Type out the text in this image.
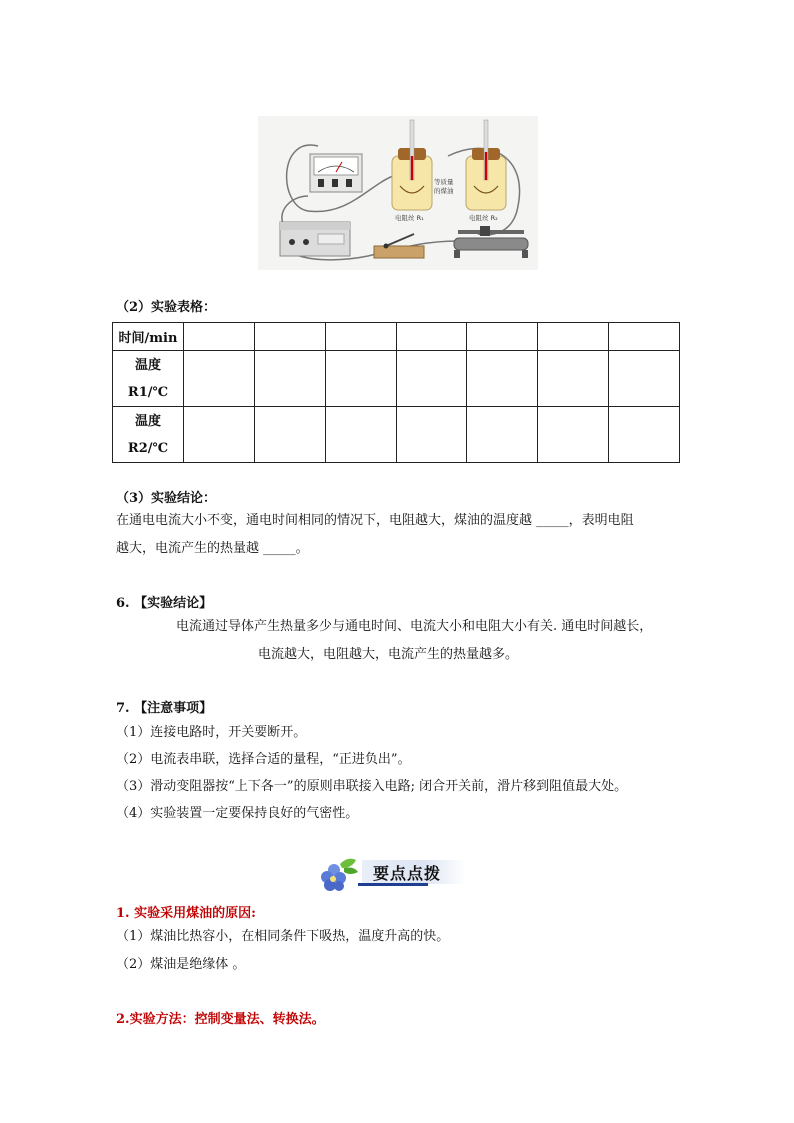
等质量
的煤油
电阻丝 R₁	电阻丝 R₂
（2）实验表格：
时间/min							

温度
R1/℃							

温度
R2/℃							

（3）实验结论：
在通电电流大小不变，通电时间相同的情况下，电阻越大，煤油的温度越 _____，表明电阻
越大，电流产生的热量越 _____。
6. 【实验结论】
电流通过导体产生热量多少与通电时间、电流大小和电阻大小有关. 通电时间越长，
电流越大，电阻越大，电流产生的热量越多。
7. 【注意事项】
（1）连接电路时，开关要断开。
（2）电流表串联，选择合适的量程，“正进负出”。
（3）滑动变阻器按“上下各一”的原则串联接入电路; 闭合开关前，滑片移到阻值最大处。
（4）实验装置一定要保持良好的气密性。
要点点拨
1. 实验采用煤油的原因:
（1）煤油比热容小，在相同条件下吸热，温度升高的快。
（2）煤油是绝缘体 。
2.实验方法：控制变量法、转换法。
